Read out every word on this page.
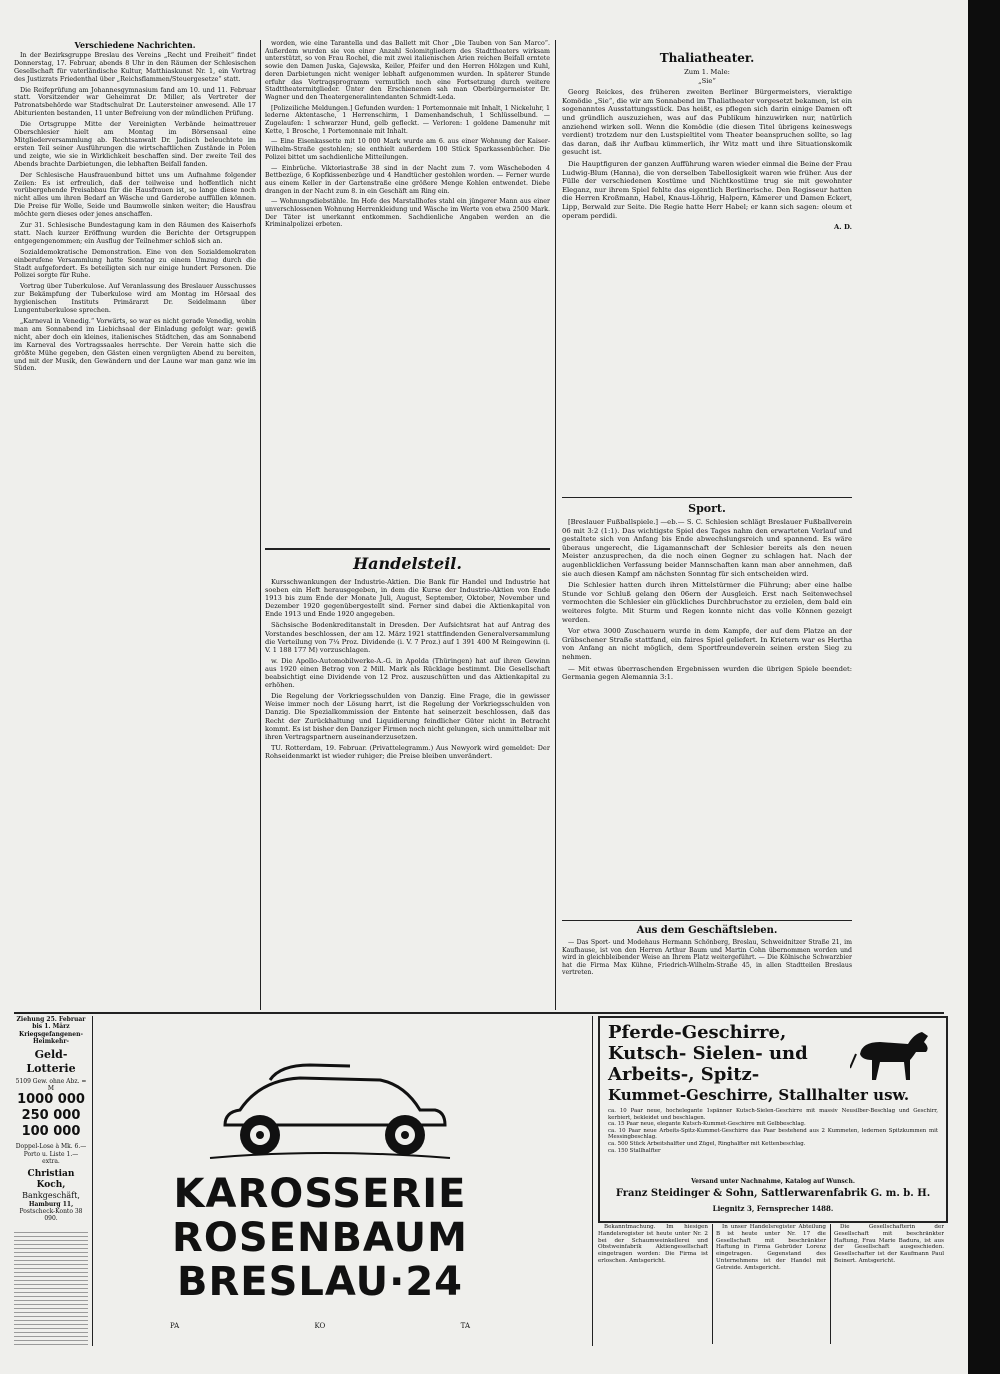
Verschiedene Nachrichten.

In der Bezirksgruppe Breslau des Vereins „Recht und Freiheit“ findet Donnerstag, 17. Februar, abends 8 Uhr in den Räumen der Schlesischen Gesellschaft für vaterländische Kultur, Matthiaskunst Nr. 1, ein Vortrag des Justizrats Friedenthal über „Reichsflammen/Steuergesetze“ statt.

Die Reifeprüfung am Johannesgymnasium fand am 10. und 11. Februar statt. Vorsitzender war Geheimrat Dr. Miller, als Vertreter der Patronatsbehörde war Stadtschulrat Dr. Lautersteiner anwesend. Alle 17 Abiturienten bestanden, 11 unter Befreiung von der mündlichen Prüfung.

Die Ortsgruppe Mitte der Vereinigten Verbände heimattreuer Oberschlesier hielt am Montag im Börsensaal eine Mitgliederversammlung ab. Rechtsanwalt Dr. Jadisch beleuchtete im ersten Teil seiner Ausführungen die wirtschaftlichen Zustände in Polen und zeigte, wie sie in Wirklichkeit beschaffen sind. Der zweite Teil des Abends brachte Darbietungen, die lebhaften Beifall fanden.

Der Schlesische Hausfrauenbund bittet uns um Aufnahme folgender Zeilen: Es ist erfreulich, daß der teilweise und hoffentlich nicht vorübergehende Preisabbau für die Hausfrauen ist, so lange diese noch nicht alles um ihren Bedarf an Wäsche und Garderobe auffüllen können. Die Preise für Wolle, Seide und Baumwolle sinken weiter; die Hausfrau möchte gern dieses oder jenes anschaffen.

Zur 31. Schlesische Bundestagung kam in den Räumen des Kaiserhofs statt. Nach kurzer Eröffnung wurden die Berichte der Ortsgruppen entgegengenommen; ein Ausflug der Teilnehmer schloß sich an.

Sozialdemokratische Demonstration. Eine von den Sozialdemokraten einberufene Versammlung hatte Sonntag zu einem Umzug durch die Stadt aufgefordert. Es beteiligten sich nur einige hundert Personen. Die Polizei sorgte für Ruhe.

Vortrag über Tuberkulose. Auf Veranlassung des Breslauer Ausschusses zur Bekämpfung der Tuberkulose wird am Montag im Hörsaal des hygienischen Instituts Primärarzt Dr. Seidelmann über Lungentuberkulose sprechen.

„Karneval in Venedig.“ Vorwärts, so war es nicht gerade Venedig, wohin man am Sonnabend im Liebichsaal der Einladung gefolgt war: gewiß nicht, aber doch ein kleines, italienisches Städtchen, das am Sonnabend im Karneval des Vortragssaales herrschte. Der Verein hatte sich die größte Mühe gegeben, den Gästen einen vergnügten Abend zu bereiten, und mit der Musik, den Gewändern und der Laune war man ganz wie im Süden.

worden, wie eine Tarantella und das Ballett mit Chor „Die Tauben von San Marco“. Außerdem wurden sie von einer Anzahl Solomitgliedern des Stadttheaters wirksam unterstützt, so von Frau Rochel, die mit zwei italienischen Arien reichen Beifall erntete sowie den Damen Juska, Gajewska, Keiler, Pfeifer und den Herren Hölzgen und Kuhl, deren Darbietungen nicht weniger lebhaft aufgenommen wurden. In späterer Stunde erfuhr das Vortragsprogramm vermutlich noch eine Fortsetzung durch weitere Stadttheatermitglieder. Unter den Erschienenen sah man Oberbürgermeister Dr. Wagner und den Theatergeneralintendanten Schmidt-Leda.

[Polizeiliche Meldungen.] Gefunden wurden: 1 Portemonnaie mit Inhalt, 1 Nickeluhr, 1 lederne Aktentasche, 1 Herrenschirm, 1 Damenhandschuh, 1 Schlüsselbund. — Zugelaufen: 1 schwarzer Hund, gelb gefleckt. — Verloren: 1 goldene Damenuhr mit Kette, 1 Brosche, 1 Portemonnaie mit Inhalt.

— Eine Eisenkassette mit 10 000 Mark wurde am 6. aus einer Wohnung der Kaiser-Wilhelm-Straße gestohlen; sie enthielt außerdem 100 Stück Sparkassenbücher. Die Polizei bittet um sachdienliche Mitteilungen.

— Einbrüche. Viktoriastraße 38 sind in der Nacht zum 7. vom Wäscheboden 4 Bettbezüge, 6 Kopfkissenbezüge und 4 Handtücher gestohlen worden. — Ferner wurde aus einem Keller in der Gartenstraße eine größere Menge Kohlen entwendet. Diebe drangen in der Nacht zum 8. in ein Geschäft am Ring ein.

— Wohnungsdiebstähle. Im Hofe des Marstallhofes stahl ein jüngerer Mann aus einer unverschlossenen Wohnung Herrenkleidung und Wäsche im Werte von etwa 2500 Mark. Der Täter ist unerkannt entkommen. Sachdienliche Angaben werden an die Kriminalpolizei erbeten.

Handelsteil.

Kursschwankungen der Industrie-Aktien. Die Bank für Handel und Industrie hat soeben ein Heft herausgegeben, in dem die Kurse der Industrie-Aktien von Ende 1913 bis zum Ende der Monate Juli, August, September, Oktober, November und Dezember 1920 gegenübergestellt sind. Ferner sind dabei die Aktienkapital von Ende 1913 und Ende 1920 angegeben.

Sächsische Bodenkreditanstalt in Dresden. Der Aufsichtsrat hat auf Antrag des Vorstandes beschlossen, der am 12. März 1921 stattfindenden Generalversammlung die Verteilung von 7¼ Proz. Dividende (i. V. 7 Proz.) auf 1 391 400 M Reingewinn (i. V. 1 188 177 M) vorzuschlagen.

w. Die Apollo-Automobilwerke-A.-G. in Apolda (Thüringen) hat auf ihren Gewinn aus 1920 einen Betrag von 2 Mill. Mark als Rücklage bestimmt. Die Gesellschaft beabsichtigt eine Dividende von 12 Proz. auszuschütten und das Aktienkapital zu erhöhen.

Die Regelung der Vorkriegsschulden von Danzig. Eine Frage, die in gewisser Weise immer noch der Lösung harrt, ist die Regelung der Vorkriegsschulden von Danzig. Die Spezialkommission der Entente hat seinerzeit beschlossen, daß das Recht der Zurückhaltung und Liquidierung feindlicher Güter nicht in Betracht kommt. Es ist bisher den Danziger Firmen noch nicht gelungen, sich unmittelbar mit ihren Vertragspartnern auseinanderzusetzen.

TU. Rotterdam, 19. Februar. (Privattelegramm.) Aus Newyork wird gemeldet: Der Rohseidenmarkt ist wieder ruhiger; die Preise bleiben unverändert.

Thaliatheater.
Zum 1. Male:
„Sie“

Georg Reickes, des früheren zweiten Berliner Bürgermeisters, vieraktige Komödie „Sie“, die wir am Sonnabend im Thaliatheater vorgesetzt bekamen, ist ein sogenanntes Ausstattungsstück. Das heißt, es pflegen sich darin einige Damen oft und gründlich auszuziehen, was auf das Publikum hinzuwirken nur, natürlich anziehend wirken soll. Wenn die Komödie (die diesen Titel übrigens keineswegs verdient) trotzdem nur den Lustspieltitel vom Theater beanspruchen sollte, so lag das daran, daß ihr Aufbau kümmerlich, ihr Witz matt und ihre Situationskomik gesucht ist.

Die Hauptfiguren der ganzen Aufführung waren wieder einmal die Beine der Frau Ludwig-Blum (Hanna), die von derselben Tabellosigkeit waren wie früher. Aus der Fülle der verschiedenen Kostüme und Nichtkostüme trug sie mit gewohnter Eleganz, nur ihrem Spiel fehlte das eigentlich Berlinerische. Den Regisseur hatten die Herren Kroßmann, Habel, Knaus-Löhrig, Halpern, Kämerer und Damen Eckert, Lipp, Berwald zur Seite. Die Regie hatte Herr Habel; er kann sich sagen: oleum et operam perdidi.

A. D.
Sport.

[Breslauer Fußballspiele.] —eb.— S. C. Schlesien schlägt Breslauer Fußballverein 06 mit 3:2 (1:1). Das wichtigste Spiel des Tages nahm den erwarteten Verlauf und gestaltete sich von Anfang bis Ende abwechslungsreich und spannend. Es wäre überaus ungerecht, die Ligamannschaft der Schlesier bereits als den neuen Meister anzusprechen, da die noch einen Gegner zu schlagen hat. Nach der augenblicklichen Verfassung beider Mannschaften kann man aber annehmen, daß sie auch diesen Kampf am nächsten Sonntag für sich entscheiden wird.

Die Schlesier hatten durch ihren Mittelstürmer die Führung; aber eine halbe Stunde vor Schluß gelang den 06ern der Ausgleich. Erst nach Seitenwechsel vermochten die Schlesier ein glückliches Durchbruchstor zu erzielen, dem bald ein weiteres folgte. Mit Sturm und Regen konnte nicht das volle Können gezeigt werden.

Vor etwa 3000 Zuschauern wurde in dem Kampfe, der auf dem Platze an der Gräbschener Straße stattfand, ein faires Spiel geliefert. In Krietern war es Hertha von Anfang an nicht möglich, dem Sportfreundeverein seinen ersten Sieg zu nehmen.

— Mit etwas überraschenden Ergebnissen wurden die übrigen Spiele beendet: Germania gegen Alemannia 3:1.

Aus dem Geschäftsleben.

— Das Sport- und Modehaus Hermann Schönberg, Breslau, Schweidnitzer Straße 21, im Kaufhause, ist von den Herren Arthur Baum und Martin Cohn übernommen worden und wird in gleichbleibender Weise an Ihrem Platz weitergeführt. — Die Kölnische Schwarzbier hat die Firma Max Kühne, Friedrich-Wilhelm-Straße 45, in allen Stadtteilen Breslaus vertreten.

Ziehung 25. Februar
bis 1. März
Kriegsgefangenen-
Heimkehr-
Geld-Lotterie
5109 Gew. ohne Abz. = M
1000 000
250 000
100 000
Doppel-Lose à Mk. 6.—
Porto u. Liste 1.— extra.
Christian Koch,
Bankgeschäft,
Hamburg 11,
Postscheck-Konto 38 090.
KAROSSERIE
ROSENBAUM
BRESLAU·24
PA	KO	TA
Pferde-Geschirre,
Kutsch- Sielen- und
Arbeits-, Spitz-
Kummet-Geschirre, Stallhalter usw.
ca. 10 Paar neue, hochelegante 1spänner Kutsch-Sielen-Geschirre mit massiv Neusilber-Beschlag und Geschirr, kerbiert, bekleidet und beschlagen.
ca. 15 Paar neue, elegante Kutsch-Kummet-Geschirre mit Gelbbeschlag.
ca. 10 Paar neue Arbeits-Spitz-Kummet-Geschirre das Paar bestehend aus 2 Kummeten, ledernen Spitzkummen mit Messingbeschlag.
ca. 500 Stück Arbeitshalfter und Zügel, Ringhalfter mit Kettenbeschlag.
ca. 150 Stallhalfter
Versand unter Nachnahme, Katalog auf Wunsch.
Franz Steidinger & Sohn, Sattlerwarenfabrik G. m. b. H.
Liegnitz 3, Fernsprecher 1488.

Bekanntmachung. Im hiesigen Handelsregister ist heute unter Nr. 2 bei der Schaumweinkellerei und Obstweinfabrik Aktiengesellschaft eingetragen worden: Die Firma ist erloschen. Amtsgericht.

In unser Handelsregister Abteilung B ist heute unter Nr. 17 die Gesellschaft mit beschränkter Haftung in Firma Gebrüder Lorenz eingetragen. Gegenstand des Unternehmens ist der Handel mit Getreide. Amtsgericht.

Die Gesellschafterin der Gesellschaft mit beschränkter Haftung, Frau Marie Badura, ist aus der Gesellschaft ausgeschieden. Gesellschafter ist der Kaufmann Paul Beinert. Amtsgericht.
